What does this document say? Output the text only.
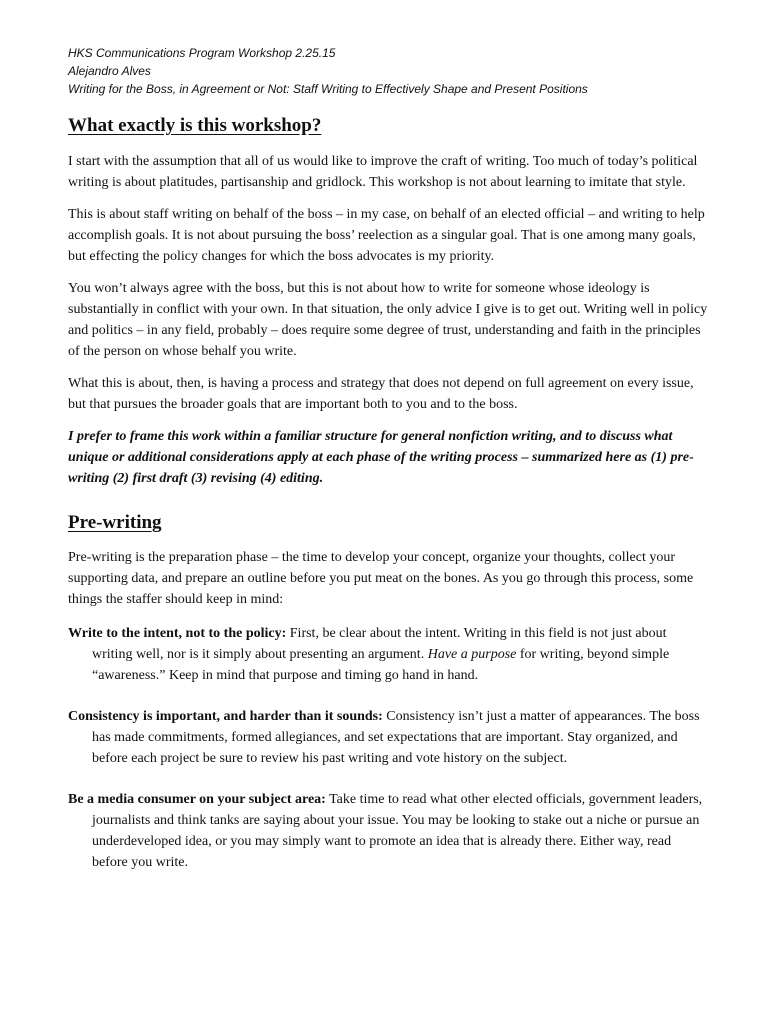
HKS Communications Program Workshop 2.25.15

Alejandro Alves

Writing for the Boss, in Agreement or Not: Staff Writing to Effectively Shape and Present Positions

What exactly is this workshop?

I start with the assumption that all of us would like to improve the craft of writing. Too much of today’s political writing is about platitudes, partisanship and gridlock. This workshop is not about learning to imitate that style.

This is about staff writing on behalf of the boss – in my case, on behalf of an elected official – and writing to help accomplish goals. It is not about pursuing the boss’ reelection as a singular goal. That is one among many goals, but effecting the policy changes for which the boss advocates is my priority.

You won’t always agree with the boss, but this is not about how to write for someone whose ideology is substantially in conflict with your own. In that situation, the only advice I give is to get out. Writing well in policy and politics – in any field, probably – does require some degree of trust, understanding and faith in the principles of the person on whose behalf you write.

What this is about, then, is having a process and strategy that does not depend on full agreement on every issue, but that pursues the broader goals that are important both to you and to the boss.

I prefer to frame this work within a familiar structure for general nonfiction writing, and to discuss what unique or additional considerations apply at each phase of the writing process – summarized here as (1) pre-writing (2) first draft (3) revising (4) editing.

Pre-writing

Pre-writing is the preparation phase – the time to develop your concept, organize your thoughts, collect your supporting data, and prepare an outline before you put meat on the bones. As you go through this process, some things the staffer should keep in mind:

Write to the intent, not to the policy: First, be clear about the intent. Writing in this field is not just about writing well, nor is it simply about presenting an argument. Have a purpose for writing, beyond simple “awareness.” Keep in mind that purpose and timing go hand in hand.

Consistency is important, and harder than it sounds: Consistency isn’t just a matter of appearances. The boss has made commitments, formed allegiances, and set expectations that are important. Stay organized, and before each project be sure to review his past writing and vote history on the subject.

Be a media consumer on your subject area: Take time to read what other elected officials, government leaders, journalists and think tanks are saying about your issue. You may be looking to stake out a niche or pursue an underdeveloped idea, or you may simply want to promote an idea that is already there. Either way, read before you write.
